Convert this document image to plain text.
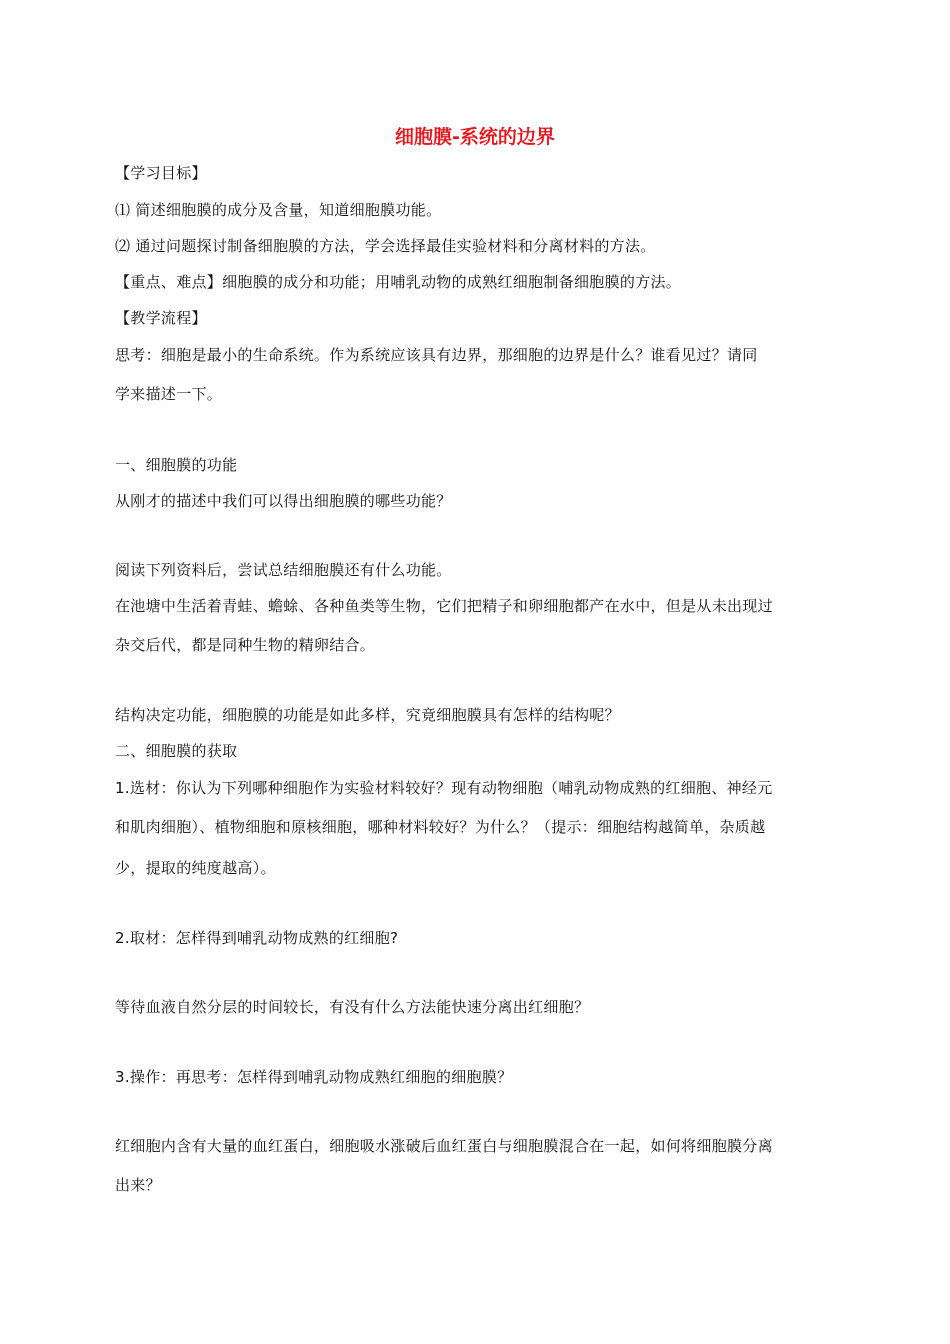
细胞膜-系统的边界
【学习目标】
⑴ 简述细胞膜的成分及含量，知道细胞膜功能。
⑵ 通过问题探讨制备细胞膜的方法，学会选择最佳实验材料和分离材料的方法。
【重点、难点】细胞膜的成分和功能；用哺乳动物的成熟红细胞制备细胞膜的方法。
【教学流程】
思考：细胞是最小的生命系统。作为系统应该具有边界，那细胞的边界是什么？谁看见过？请同
学来描述一下。
一、细胞膜的功能
从刚才的描述中我们可以得出细胞膜的哪些功能？
阅读下列资料后，尝试总结细胞膜还有什么功能。
在池塘中生活着青蛙、蟾蜍、各种鱼类等生物，它们把精子和卵细胞都产在水中，但是从未出现过
杂交后代，都是同种生物的精卵结合。
结构决定功能，细胞膜的功能是如此多样，究竟细胞膜具有怎样的结构呢？
二、细胞膜的获取
1.选材：你认为下列哪种细胞作为实验材料较好？现有动物细胞（哺乳动物成熟的红细胞、神经元
和肌肉细胞）、植物细胞和原核细胞，哪种材料较好？为什么？（提示：细胞结构越简单，杂质越
少，提取的纯度越高）。
2.取材：怎样得到哺乳动物成熟的红细胞?
等待血液自然分层的时间较长，有没有什么方法能快速分离出红细胞？
3.操作：再思考：怎样得到哺乳动物成熟红细胞的细胞膜？
红细胞内含有大量的血红蛋白，细胞吸水涨破后血红蛋白与细胞膜混合在一起，如何将细胞膜分离
出来？
